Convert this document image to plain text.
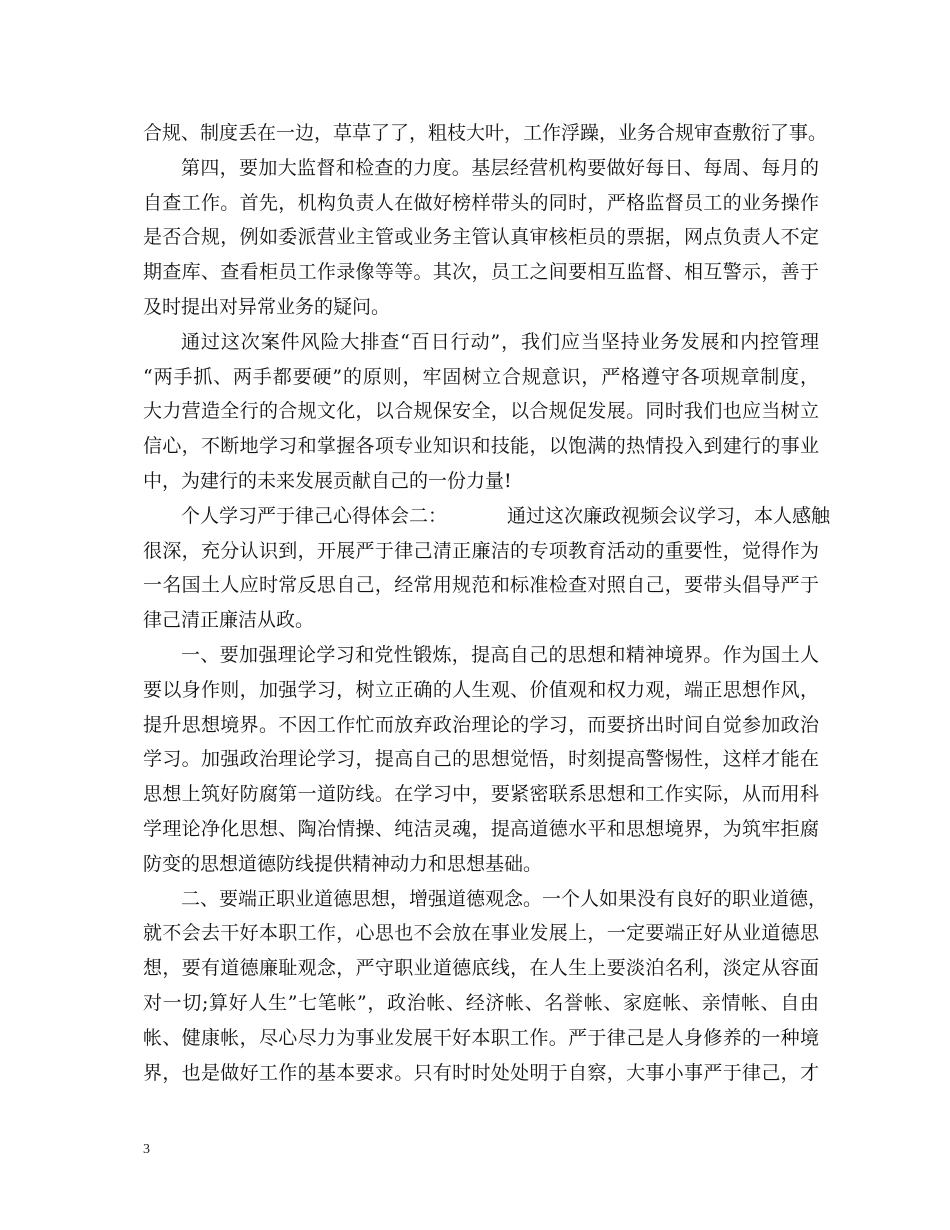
合规、制度丢在一边，草草了了，粗枝大叶，工作浮躁，业务合规审查敷衍了事。
第四，要加大监督和检查的力度。基层经营机构要做好每日、每周、每月的
自查工作。首先，机构负责人在做好榜样带头的同时，严格监督员工的业务操作
是否合规，例如委派营业主管或业务主管认真审核柜员的票据，网点负责人不定
期查库、查看柜员工作录像等等。其次，员工之间要相互监督、相互警示，善于
及时提出对异常业务的疑问。
通过这次案件风险大排查“百日行动”，我们应当坚持业务发展和内控管理
“两手抓、两手都要硬”的原则，牢固树立合规意识，严格遵守各项规章制度，
大力营造全行的合规文化，以合规保安全，以合规促发展。同时我们也应当树立
信心，不断地学习和掌握各项专业知识和技能，以饱满的热情投入到建行的事业
中，为建行的未来发展贡献自己的一份力量!
个人学习严于律己心得体会二：	通过这次廉政视频会议学习，本人感触
很深，充分认识到，开展严于律己清正廉洁的专项教育活动的重要性，觉得作为
一名国土人应时常反思自己，经常用规范和标准检查对照自己，要带头倡导严于
律己清正廉洁从政。
一、要加强理论学习和党性锻炼，提高自己的思想和精神境界。作为国土人
要以身作则，加强学习，树立正确的人生观、价值观和权力观，端正思想作风，
提升思想境界。不因工作忙而放弃政治理论的学习，而要挤出时间自觉参加政治
学习。加强政治理论学习，提高自己的思想觉悟，时刻提高警惕性，这样才能在
思想上筑好防腐第一道防线。在学习中，要紧密联系思想和工作实际，从而用科
学理论净化思想、陶冶情操、纯洁灵魂，提高道德水平和思想境界，为筑牢拒腐
防变的思想道德防线提供精神动力和思想基础。
二、要端正职业道德思想，增强道德观念。一个人如果没有良好的职业道德，
就不会去干好本职工作，心思也不会放在事业发展上，一定要端正好从业道德思
想，要有道德廉耻观念，严守职业道德底线，在人生上要淡泊名利，淡定从容面
对一切;算好人生”七笔帐”，政治帐、经济帐、名誉帐、家庭帐、亲情帐、自由
帐、健康帐，尽心尽力为事业发展干好本职工作。严于律己是人身修养的一种境
界，也是做好工作的基本要求。只有时时处处明于自察，大事小事严于律己，才
3
